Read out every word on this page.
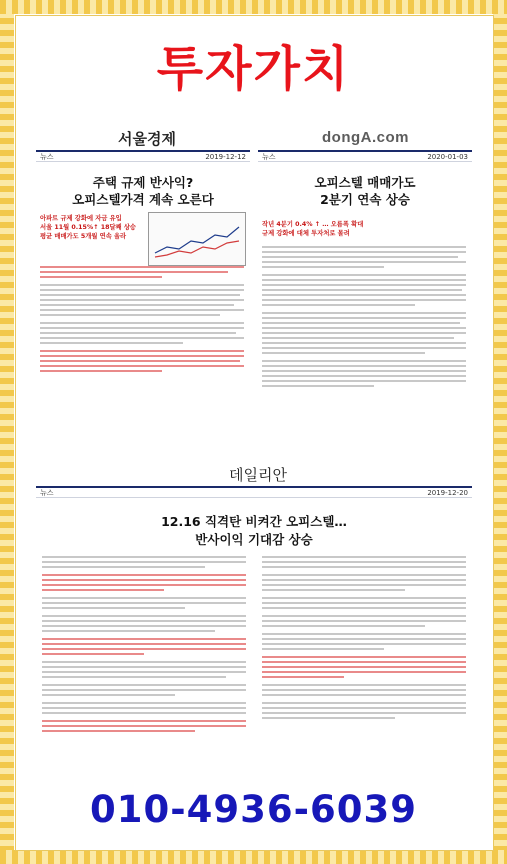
투자가치
서울경제
뉴스	2019-12-12
주택 규제 반사익?
오피스텔가격 계속 오른다
아파트 규제 강화에 자금 유입
서울 11월 0.15%↑ 18달째 상승
평균 매매가도 5개월 연속 올라
dongA.com
뉴스	2020-01-03
오피스텔 매매가도
2분기 연속 상승
작년 4분기 0.4% ↑ … 오름폭 확대
규제 강화에 대체 투자처로 몰려
데일리안
뉴스	2019-12-20
12.16 직격탄 비켜간 오피스텔…
반사이익 기대감 상승
010-4936-6039
